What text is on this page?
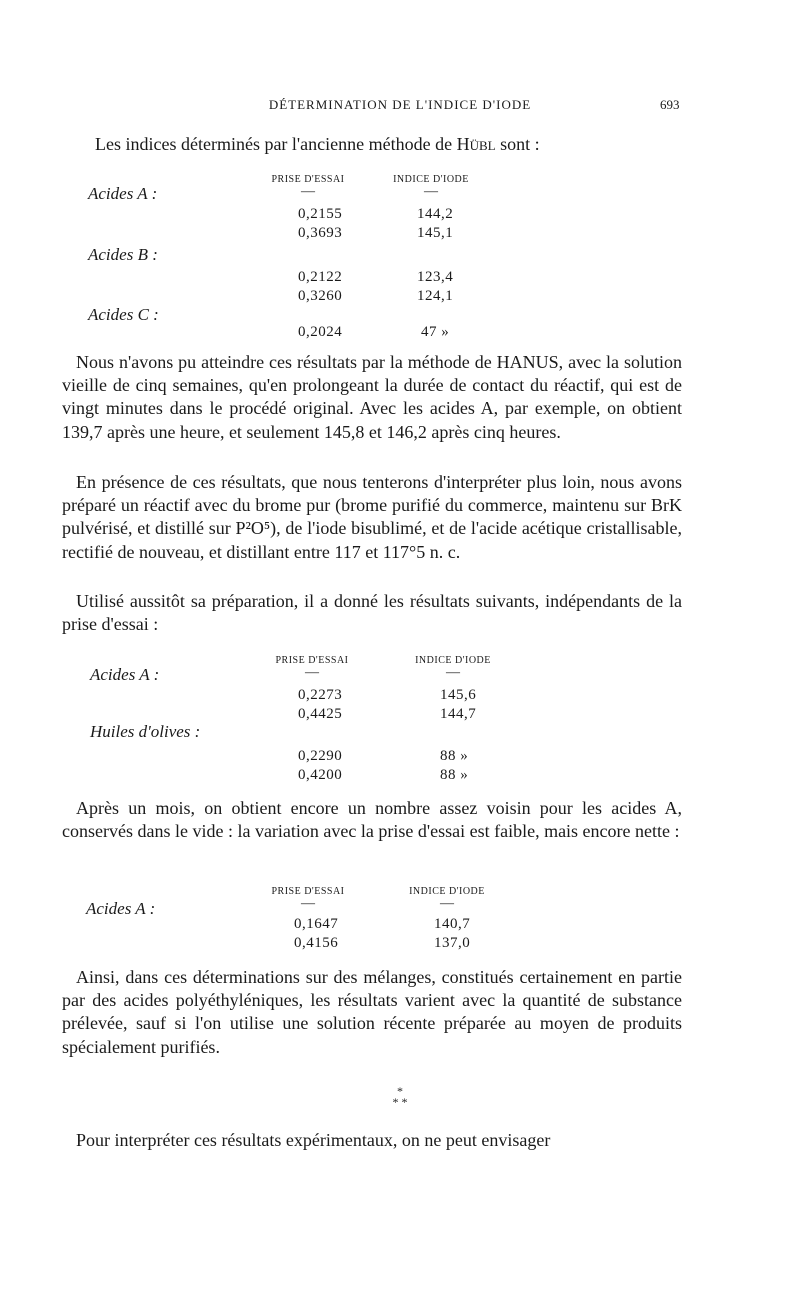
DÉTERMINATION DE L'INDICE D'IODE	693
Les indices déterminés par l'ancienne méthode de Hübl sont :
PRISE D'ESSAI	INDICE D'IODE
—	—
Acides A :
0,2155	144,2
0,3693	145,1
Acides B :
0,2122	123,4
0,3260	124,1
Acides C :
0,2024	47 »
Nous n'avons pu atteindre ces résultats par la méthode de HANUS, avec la solution vieille de cinq semaines, qu'en prolongeant la durée de contact du réactif, qui est de vingt minutes dans le procédé original. Avec les acides A, par exemple, on obtient 139,7 après une heure, et seulement 145,8 et 146,2 après cinq heures.
En présence de ces résultats, que nous tenterons d'interpréter plus loin, nous avons préparé un réactif avec du brome pur (brome purifié du commerce, maintenu sur BrK pulvérisé, et distillé sur P²O⁵), de l'iode bisublimé, et de l'acide acétique cristallisable, rectifié de nouveau, et distillant entre 117 et 117°5 n. c.
Utilisé aussitôt sa préparation, il a donné les résultats suivants, indépendants de la prise d'essai :
PRISE D'ESSAI	INDICE D'IODE
—	—
Acides A :
0,2273	145,6
0,4425	144,7
Huiles d'olives :
0,2290	88 »
0,4200	88 »
Après un mois, on obtient encore un nombre assez voisin pour les acides A, conservés dans le vide : la variation avec la prise d'essai est faible, mais encore nette :
PRISE D'ESSAI	INDICE D'IODE
—	—
Acides A :
0,1647	140,7
0,4156	137,0
Ainsi, dans ces déterminations sur des mélanges, constitués certainement en partie par des acides polyéthyléniques, les résultats varient avec la quantité de substance prélevée, sauf si l'on utilise une solution récente préparée au moyen de produits spécialement purifiés.
*
* *
Pour interpréter ces résultats expérimentaux, on ne peut envisager
